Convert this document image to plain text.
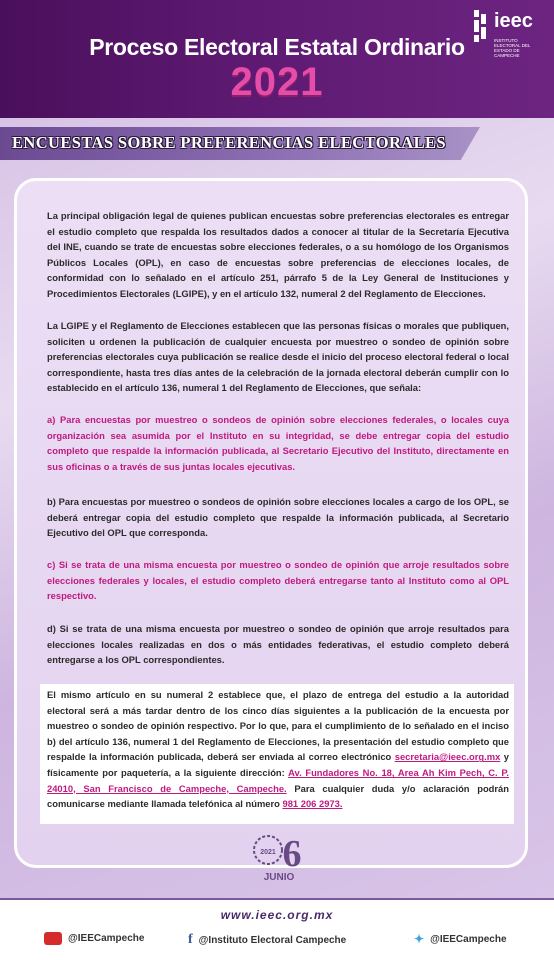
Proceso Electoral Estatal Ordinario
2021
ieec
INSTITUTO ELECTORAL DEL ESTADO DE CAMPECHE
ENCUESTAS SOBRE PREFERENCIAS ELECTORALES
La principal obligación legal de quienes publican encuestas sobre preferencias electorales es entregar el estudio completo que respalda los resultados dados a conocer al titular de la Secretaría Ejecutiva del INE, cuando se trate de encuestas sobre elecciones federales, o a su homólogo de los Organismos Públicos Locales (OPL), en caso de encuestas sobre preferencias de elecciones locales, de conformidad con lo señalado en el artículo 251, párrafo 5 de la Ley General de Instituciones y Procedimientos Electorales (LGIPE), y en el artículo 132, numeral 2 del Reglamento de Elecciones.
La LGIPE y el Reglamento de Elecciones establecen que las personas físicas o morales que publiquen, soliciten u ordenen la publicación de cualquier encuesta por muestreo o sondeo de opinión sobre preferencias electorales cuya publicación se realice desde el inicio del proceso electoral federal o local correspondiente, hasta tres días antes de la celebración de la jornada electoral deberán cumplir con lo establecido en el artículo 136, numeral 1 del Reglamento de Elecciones, que señala:
a) Para encuestas por muestreo o sondeos de opinión sobre elecciones federales, o locales cuya organización sea asumida por el Instituto en su integridad, se debe entregar copia del estudio completo que respalde la información publicada, al Secretario Ejecutivo del Instituto, directamente en sus oficinas o a través de sus juntas locales ejecutivas.
b) Para encuestas por muestreo o sondeos de opinión sobre elecciones locales a cargo de los OPL, se deberá entregar copia del estudio completo que respalde la información publicada, al Secretario Ejecutivo del OPL que corresponda.
c) Si se trata de una misma encuesta por muestreo o sondeo de opinión que arroje resultados sobre elecciones federales y locales, el estudio completo deberá entregarse tanto al Instituto como al OPL respectivo.
d) Si se trata de una misma encuesta por muestreo o sondeo de opinión que arroje resultados para elecciones locales realizadas en dos o más entidades federativas, el estudio completo deberá entregarse a los OPL correspondientes.
El mismo artículo en su numeral 2 establece que, el plazo de entrega del estudio a la autoridad electoral será a más tardar dentro de los cinco días siguientes a la publicación de la encuesta por muestreo o sondeo de opinión respectivo. Por lo que, para el cumplimiento de lo señalado en el inciso b) del artículo 136, numeral 1 del Reglamento de Elecciones, la presentación del estudio completo que respalde la información publicada, deberá ser enviada al correo electrónico secretaria@ieec.org.mx y físicamente por paquetería, a la siguiente dirección: Av. Fundadores No. 18, Area Ah Kim Pech, C. P. 24010, San Francisco de Campeche, Campeche. Para cualquier duda y/o aclaración podrán comunicarse mediante llamada telefónica al número 981 206 2973.
2021 6
JUNIO
www.ieec.org.mx
@IEECampeche	f @Instituto Electoral Campeche	✦ @IEECampeche
